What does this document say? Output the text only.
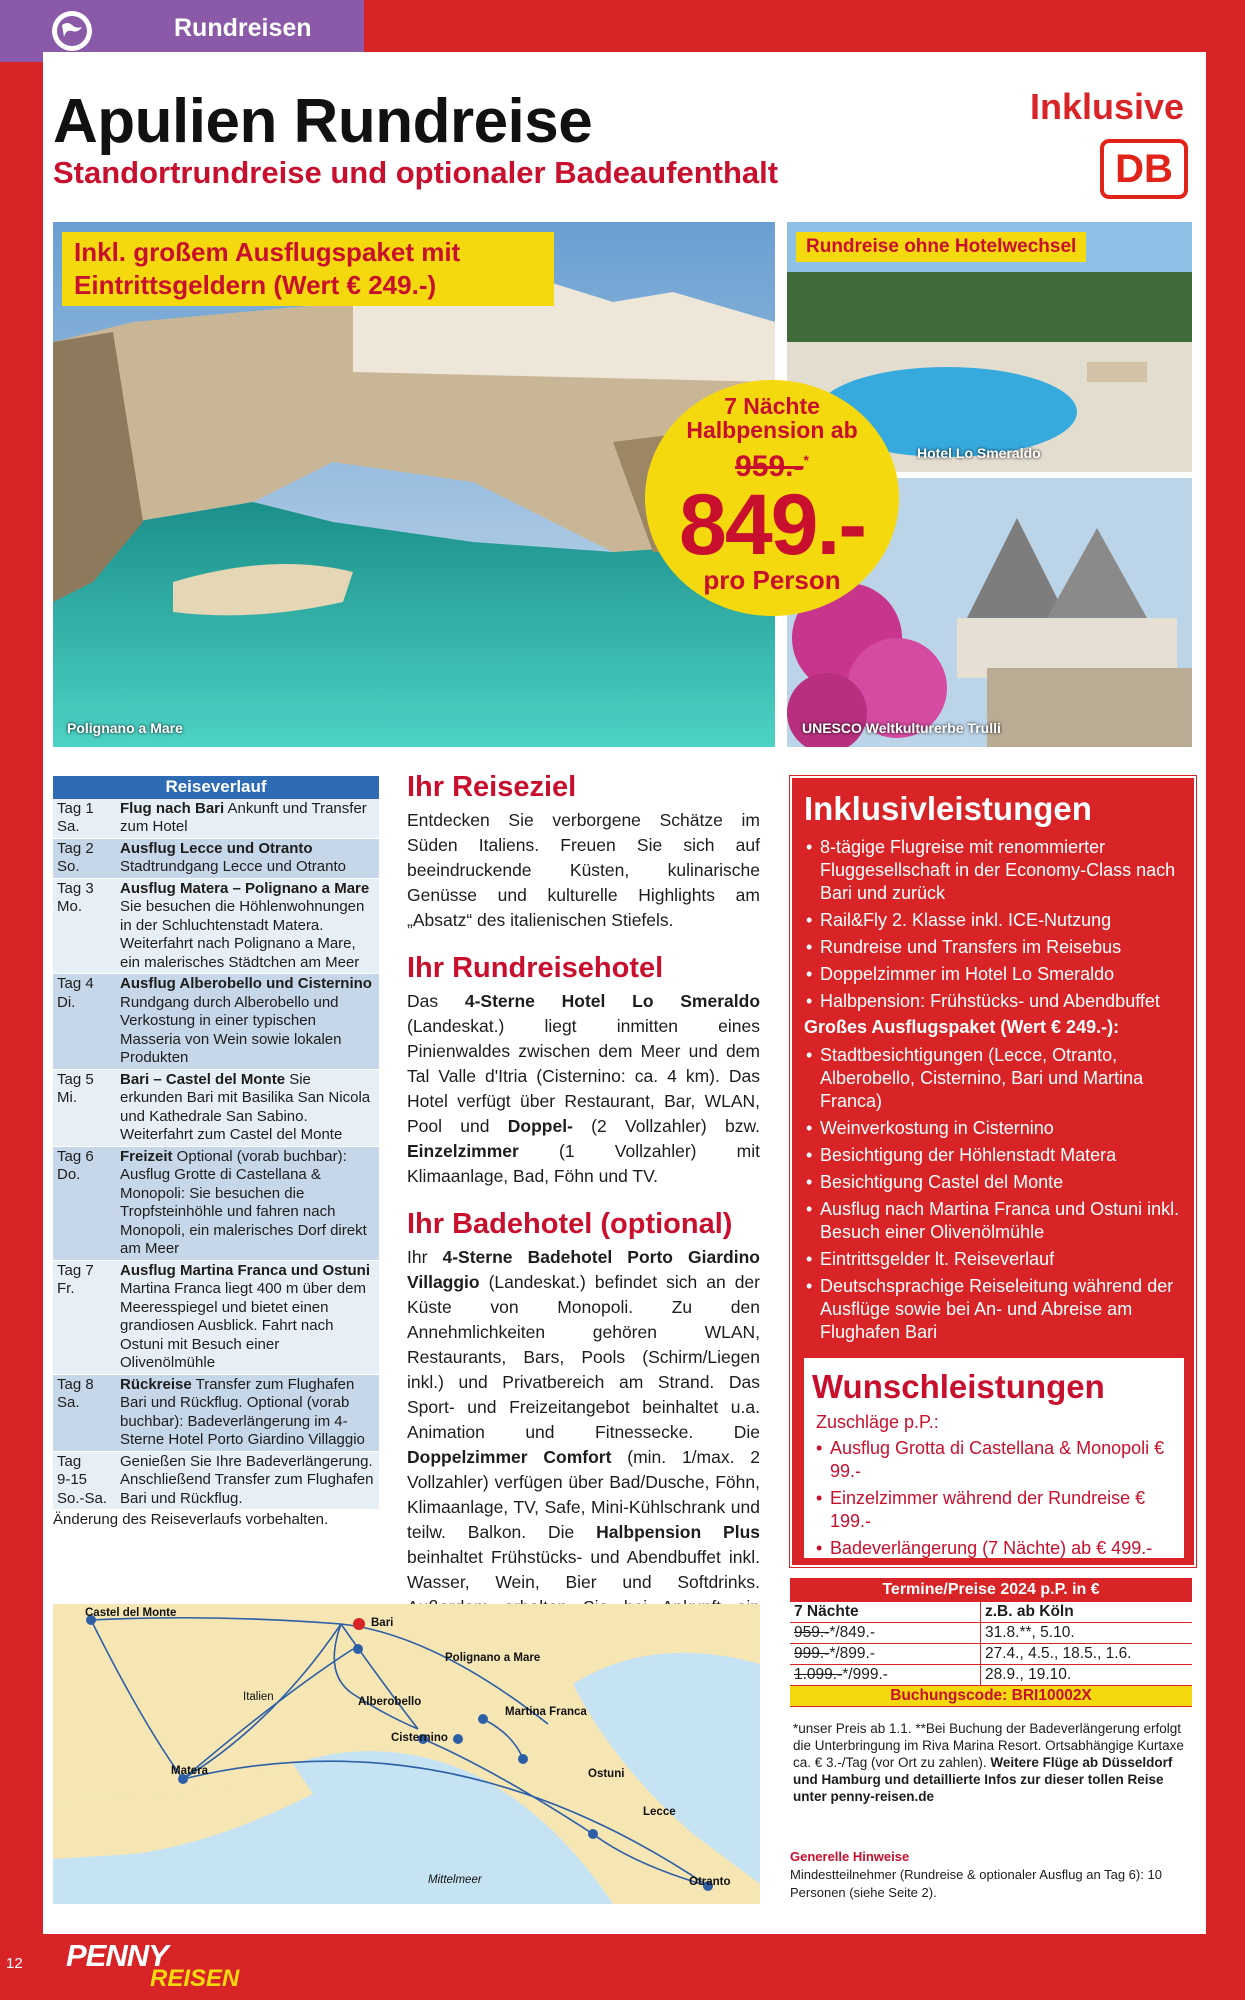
Rundreisen
Apulien Rundreise
Standortrundreise und optionaler Badeaufenthalt
Inklusive
DB
Inkl. großem Ausflugspaket mit
Eintrittsgeldern (Wert € 249.-)
Polignano a Mare
Rundreise ohne Hotelwechsel
Hotel Lo Smeraldo
UNESCO Weltkulturerbe Trulli
7 Nächte
Halbpension ab
959.-*
849.-
pro Person
Reiseverlauf	
Tag 1
Sa.	Flug nach Bari Ankunft und Transfer zum Hotel
Tag 2
So.	Ausflug Lecce und Otranto Stadtrundgang Lecce und Otranto
Tag 3
Mo.	Ausflug Matera – Polignano a Mare Sie besuchen die Höhlenwohnungen in der Schluchtenstadt Matera. Weiterfahrt nach Polignano a Mare, ein malerisches Städtchen am Meer
Tag 4
Di.	Ausflug Alberobello und Cisternino Rundgang durch Alberobello und Verkostung in einer typischen Masseria von Wein sowie lokalen Produkten
Tag 5
Mi.	Bari – Castel del Monte Sie erkunden Bari mit Basilika San Nicola und Kathedrale San Sabino. Weiterfahrt zum Castel del Monte
Tag 6
Do.	Freizeit Optional (vorab buchbar): Ausflug Grotte di Castellana & Monopoli: Sie besuchen die Tropfsteinhöhle und fahren nach Monopoli, ein malerisches Dorf direkt am Meer
Tag 7
Fr.	Ausflug Martina Franca und Ostuni Martina Franca liegt 400 m über dem Meeresspiegel und bietet einen grandiosen Ausblick. Fahrt nach Ostuni mit Besuch einer Olivenölmühle
Tag 8
Sa.	Rückreise Transfer zum Flughafen Bari und Rückflug. Optional (vorab buchbar): Badeverlängerung im 4-Sterne Hotel Porto Giardino Villaggio
Tag
9-15
So.-Sa.	Genießen Sie Ihre Badeverlängerung. Anschließend Transfer zum Flughafen Bari und Rückflug.
Änderung des Reiseverlaufs vorbehalten.
Ihr Reiseziel

Entdecken Sie verborgene Schätze im Süden Italiens. Freuen Sie sich auf beeindruckende Küsten, kulinarische Genüsse und kulturelle Highlights am „Absatz“ des italienischen Stiefels.

Ihr Rundreisehotel

Das 4-Sterne Hotel Lo Smeraldo (Landeskat.) liegt inmitten eines Pinienwaldes zwischen dem Meer und dem Tal Valle d'Itria (Cisternino: ca. 4 km). Das Hotel verfügt über Restaurant, Bar, WLAN, Pool und Doppel- (2 Vollzahler) bzw. Einzelzimmer (1 Vollzahler) mit Klimaanlage, Bad, Föhn und TV.

Ihr Badehotel (optional)

Ihr 4-Sterne Badehotel Porto Giardino Villaggio (Landeskat.) befindet sich an der Küste von Monopoli. Zu den Annehmlichkeiten gehören WLAN, Restaurants, Bars, Pools (Schirm/Liegen inkl.) und Privatbereich am Strand. Das Sport- und Freizeitangebot beinhaltet u.a. Animation und Fitnessecke. Die Doppelzimmer Comfort (min. 1/max. 2 Vollzahler) verfügen über Bad/Dusche, Föhn, Klimaanlage, TV, Safe, Mini-Kühlschrank und teilw. Balkon. Die Halbpension Plus beinhaltet Frühstücks- und Abendbuffet inkl. Wasser, Wein, Bier und Softdrinks.

Inklusivleistungen
• 8-tägige Flugreise mit renommierter Fluggesellschaft in der Economy-Class nach Bari und zurück
• Rail&Fly 2. Klasse inkl. ICE-Nutzung
• Rundreise und Transfers im Reisebus
• Doppelzimmer im Hotel Lo Smeraldo
• Halbpension: Frühstücks- und Abendbuffet
Großes Ausflugspaket (Wert € 249.-):
• Stadtbesichtigungen (Lecce, Otranto, Alberobello, Cisternino, Bari und Martina Franca)
• Weinverkostung in Cisternino
• Besichtigung der Höhlenstadt Matera
• Besichtigung Castel del Monte
• Ausflug nach Martina Franca und Ostuni inkl. Besuch einer Olivenölmühle
• Eintrittsgelder lt. Reiseverlauf
• Deutschsprachige Reiseleitung während der Ausflüge sowie bei An- und Abreise am Flughafen Bari
Wunschleistungen
Zuschläge p.P.:
• Ausflug Grotta di Castellana & Monopoli € 99.-
• Einzelzimmer während der Rundreise € 199.-
• Badeverlängerung (7 Nächte) ab € 499.-
Termine/Preise 2024 p.P. in €	
7 Nächte	z.B. ab Köln
959.-*/849.-	31.8.**, 5.10.
999.-*/899.-	27.4., 4.5., 18.5., 1.6.
1.099.-*/999.-	28.9., 19.10.
Buchungscode: BRI10002X	
*unser Preis ab 1.1. **Bei Buchung der Badeverlängerung erfolgt die Unterbringung im Riva Marina Resort. Ortsabhängige Kurtaxe ca. € 3.-/Tag (vor Ort zu zahlen). Weitere Flüge ab Düsseldorf und Hamburg und detaillierte Infos zur dieser tollen Reise unter penny-reisen.de
Generelle Hinweise
Mindestteilnehmer (Rundreise & optionaler Ausflug an Tag 6): 10 Personen (siehe Seite 2).
Castel del Monte
Bari
Polignano a Mare
Italien	Alberobello
Martina Franca
Cisternino
Matera	Ostuni
Lecce
Mittelmeer	Otranto
12 PENNY
REISEN
